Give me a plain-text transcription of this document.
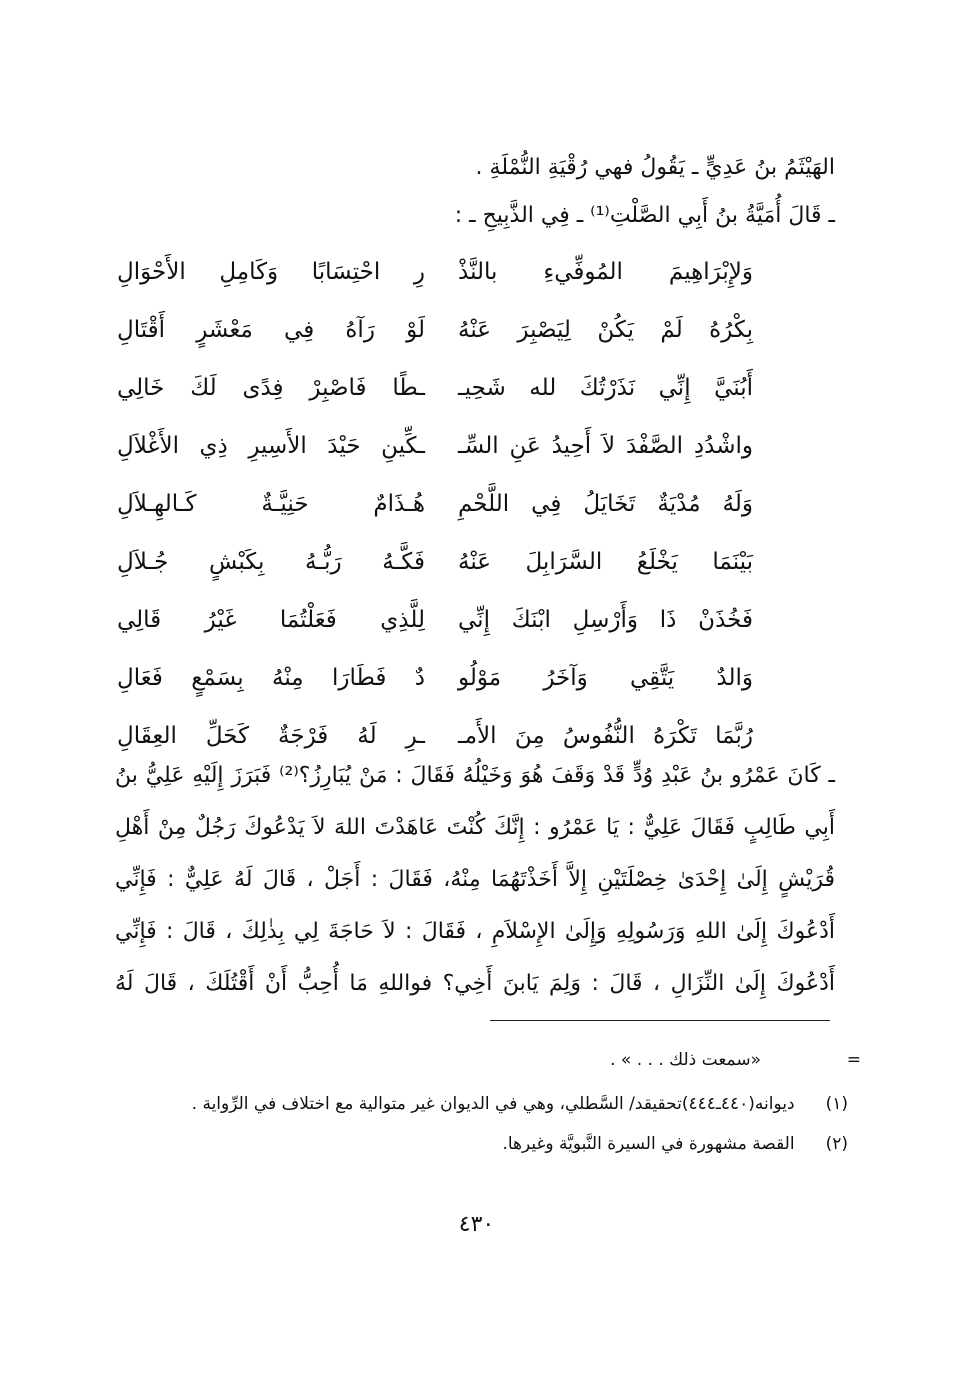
الهَيْثَمُ بنُ عَدِيٍّ ـ يَقُولُ فهي رُقْيَةِ النُّمْلَةِ .
ـ قَالَ أُمَيَّةُ بنُ أَبِي الصَّلْتِ⁽¹⁾ ـ فِي الذَّبِيحِ ـ :
وَلإِبْرَاهِيمَ المُوفِّيءِ بالنَّذْ
رِ احْتِسَابًا وَكَامِلِ الأَحْوَالِ
بِكْرُهُ لَمْ يَكُنْ لِيَصْبِرَ عَنْهُ
لَوْ رَآهُ فِي مَعْشَرٍ أَقْتَالِ
أَبُنَيَّ إِنِّي نَذَرْتُكَ لله شَحِيـ
ـطًا فَاصْبِرْ فِدًى لَكَ خَالِي
واشْدُدِ الصَّفْدَ لاَ أَحِيدُ عَنِ السِّـ
ـكِّينِ حَيْدَ الأَسِيرِ ذِي الأَغْلاَلِ
وَلَهُ مُدْيَةٌ تَخَايَلُ فِي اللَّحْمِ
هُـذَامٌ حَنِيَّـةٌ كَـالهِـلاَلِ
بَيْنَمَا يَخْلَعُ السَّرَابِلَ عَنْهُ
فَكَّـهُ رَبُّـهُ بِكَبْشٍ جُـلاَلِ
فَخُذَنْ ذَا وَأَرْسِلِ ابْنَكَ إِنِّي
لِلَّذِي فَعَلْتُمَا غَيْرُ قَالِي
وَالدٌ يَتَّقِي وَآخَرُ مَوْلُو
دٌ فَطَارَا مِنْهُ بِسَمْعٍ فَعَالِ
رُبَّمَا تَكْرَهُ النُّفُوسُ مِنَ الأَمـ
ـرِ لَهُ فَرْجَةٌ كَحَلِّ العِقَالِ
ـ كَانَ عَمْرُو بنُ عَبْدِ وُدٍّ قَدْ وَقَفَ هُوَ وَخَيْلُهُ فَقَالَ : مَنْ يُبَارِزُ؟⁽²⁾ فَبَرَزَ إِلَيْهِ عَلِيُّ بنُ
أَبِي طَالِبٍ فَقَالَ عَلِيٌّ : يَا عَمْرُو : إِنَّكَ كُنْتَ عَاهَدْتَ اللهَ لاَ يَدْعُوكَ رَجُلٌ مِنْ أَهْلِ
قُرَيْشٍ إِلَىٰ إِحْدَىٰ خِصْلَتَيْنِ إِلاَّ أَخَذْتَهُمَا مِنْهُ، فَقَالَ : أَجَلْ ، قَالَ لَهُ عَلِيٌّ : فَإِنِّي
أَدْعُوكَ إِلَىٰ اللهِ وَرَسُولِهِ وَإِلَىٰ الإِسْلاَمِ ، فَقَالَ : لاَ حَاجَةَ لِي بِذٰلِكَ ، قَالَ : فَإِنِّي
أَدْعُوكَ إِلَىٰ النِّزَالِ ، قَالَ : وَلِمَ يَابنَ أَخِي؟ فواللهِ مَا أُحِبُّ أَنْ أَقْتُلَكَ ، قَالَ لَهُ
=
«سمعت ذلك . . . » .
(١) ديوانه(٤٤٠ـ٤٤٤)تحقيقد/ السَّطلي، وهي في الديوان غير متوالية مع اختلاف في الرِّواية .
(٢) القصة مشهورة في السيرة النَّبويَّة وغيرها.
٤٣٠
